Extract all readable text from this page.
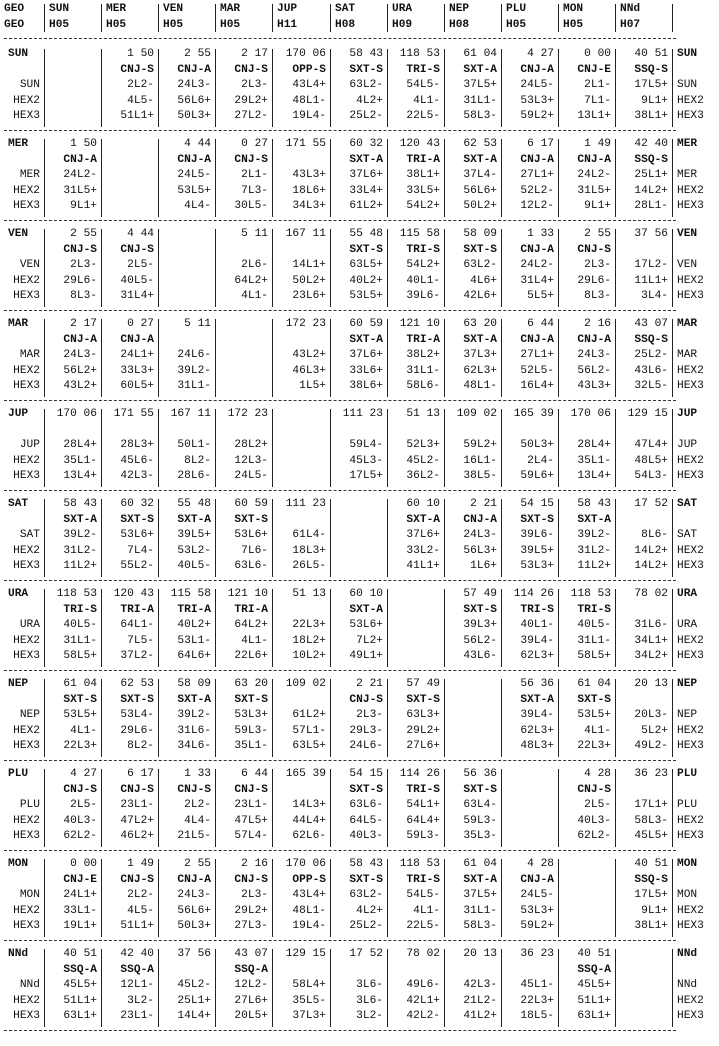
GEO
GEO
SUN
H05
MER
H05
VEN
H05
MAR
H05
JUP
H11
SAT
H08
URA
H09
NEP
H08
PLU
H05
MON
H05
NNd
H07
SUN
SUN
HEX2
HEX3
SUN
SUN
HEX2
HEX3
1 50
CNJ-S
2L2-
4L5-
51L1+
2 55
CNJ-A
24L3-
56L6+
50L3+
2 17
CNJ-S
2L3-
29L2+
27L2-
170 06
OPP-S
43L4+
48L1-
19L4-
58 43
SXT-S
63L2-
4L2+
25L2-
118 53
TRI-S
54L5-
4L1-
22L5-
61 04
SXT-A
37L5+
31L1-
58L3-
4 27
CNJ-A
24L5-
53L3+
59L2+
0 00
CNJ-E
2L1-
7L1-
13L1+
40 51
SSQ-S
17L5+
9L1+
38L1+
MER
MER
HEX2
HEX3
MER
MER
HEX2
HEX3
1 50
CNJ-A
24L2-
31L5+
9L1+
4 44
CNJ-A
24L5-
53L5+
4L4-
0 27
CNJ-S
2L1-
7L3-
30L5-
171 55
43L3+
18L6+
34L3+
60 32
SXT-A
37L6+
33L4+
61L2+
120 43
TRI-A
38L1+
33L5+
54L2+
62 53
SXT-A
37L4-
56L6+
50L2+
6 17
CNJ-A
27L1+
52L2-
12L2-
1 49
CNJ-A
24L2-
31L5+
9L1+
42 40
SSQ-S
25L1+
14L2+
28L1-
VEN
VEN
HEX2
HEX3
VEN
VEN
HEX2
HEX3
2 55
CNJ-S
2L3-
29L6-
8L3-
4 44
CNJ-S
2L5-
40L5-
31L4+
5 11
2L6-
64L2+
4L1-
167 11
14L1+
50L2+
23L6+
55 48
SXT-S
63L5+
40L2+
53L5+
115 58
TRI-S
54L2+
40L1-
39L6-
58 09
SXT-S
63L2-
4L6+
42L6+
1 33
CNJ-A
24L2-
31L4+
5L5+
2 55
CNJ-S
2L3-
29L6-
8L3-
37 56
17L2-
11L1+
3L4-
MAR
MAR
HEX2
HEX3
MAR
MAR
HEX2
HEX3
2 17
CNJ-A
24L3-
56L2+
43L2+
0 27
CNJ-A
24L1+
33L3+
60L5+
5 11
24L6-
39L2-
31L1-
172 23
43L2+
46L3+
1L5+
60 59
SXT-A
37L6+
33L6+
38L6+
121 10
TRI-A
38L2+
31L1-
58L6-
63 20
SXT-A
37L3+
62L3+
48L1-
6 44
CNJ-A
27L1+
52L5-
16L4+
2 16
CNJ-A
24L3-
56L2-
43L3+
43 07
SSQ-S
25L2-
43L6-
32L5-
JUP
JUP
HEX2
HEX3
JUP
JUP
HEX2
HEX3
170 06
28L4+
35L1-
13L4+
171 55
28L3+
45L6-
42L3-
167 11
50L1-
8L2-
28L6-
172 23
28L2+
12L3-
24L5-
111 23
59L4-
45L3-
17L5+
51 13
52L3+
45L2-
36L2-
109 02
59L2+
16L1-
38L5-
165 39
50L3+
2L4-
59L6+
170 06
28L4+
35L1-
13L4+
129 15
47L4+
48L5+
54L3-
SAT
SAT
HEX2
HEX3
SAT
SAT
HEX2
HEX3
58 43
SXT-A
39L2-
31L2-
11L2+
60 32
SXT-S
53L6+
7L4-
55L2-
55 48
SXT-A
39L5+
53L2-
40L5-
60 59
SXT-S
53L6+
7L6-
63L6-
111 23
61L4-
18L3+
26L5-
60 10
SXT-A
37L6+
33L2-
41L1+
2 21
CNJ-A
24L3-
56L3+
1L6+
54 15
SXT-S
39L6-
39L5+
53L3+
58 43
SXT-A
39L2-
31L2-
11L2+
17 52
8L6-
14L2+
14L2+
URA
URA
HEX2
HEX3
URA
URA
HEX2
HEX3
118 53
TRI-S
40L5-
31L1-
58L5+
120 43
TRI-A
64L1-
7L5-
37L2-
115 58
TRI-A
40L2+
53L1-
64L6+
121 10
TRI-A
64L2+
4L1-
22L6+
51 13
22L3+
18L2+
10L2+
60 10
SXT-A
53L6+
7L2+
49L1+
57 49
SXT-S
39L3+
56L2-
43L6-
114 26
TRI-S
40L1-
39L4-
62L3+
118 53
TRI-S
40L5-
31L1-
58L5+
78 02
31L6-
34L1+
34L2+
NEP
NEP
HEX2
HEX3
NEP
NEP
HEX2
HEX3
61 04
SXT-S
53L5+
4L1-
22L3+
62 53
SXT-S
53L4-
29L6-
8L2-
58 09
SXT-A
39L2-
31L6-
34L6-
63 20
SXT-S
53L3+
59L3-
35L1-
109 02
61L2+
57L1-
63L5+
2 21
CNJ-S
2L3-
29L3-
24L6-
57 49
SXT-S
63L3+
29L2+
27L6+
56 36
SXT-A
39L4-
62L3+
48L3+
61 04
SXT-S
53L5+
4L1-
22L3+
20 13
20L3-
5L2+
49L2-
PLU
PLU
HEX2
HEX3
PLU
PLU
HEX2
HEX3
4 27
CNJ-S
2L5-
40L3-
62L2-
6 17
CNJ-S
23L1-
47L2+
46L2+
1 33
CNJ-S
2L2-
4L4-
21L5-
6 44
CNJ-S
23L1-
47L5+
57L4-
165 39
14L3+
44L4+
62L6-
54 15
SXT-S
63L6-
64L5-
40L3-
114 26
TRI-S
54L1+
64L4+
59L3-
56 36
SXT-S
63L4-
59L3-
35L3-
4 28
CNJ-S
2L5-
40L3-
62L2-
36 23
17L1+
58L3-
45L5+
MON
MON
HEX2
HEX3
MON
MON
HEX2
HEX3
0 00
CNJ-E
24L1+
33L1-
19L1+
1 49
CNJ-S
2L2-
4L5-
51L1+
2 55
CNJ-A
24L3-
56L6+
50L3+
2 16
CNJ-S
2L3-
29L2+
27L3-
170 06
OPP-S
43L4+
48L1-
19L4-
58 43
SXT-S
63L2-
4L2+
25L2-
118 53
TRI-S
54L5-
4L1-
22L5-
61 04
SXT-A
37L5+
31L1-
58L3-
4 28
CNJ-A
24L5-
53L3+
59L2+
40 51
SSQ-S
17L5+
9L1+
38L1+
NNd
NNd
HEX2
HEX3
NNd
NNd
HEX2
HEX3
40 51
SSQ-A
45L5+
51L1+
63L1+
42 40
SSQ-A
12L1-
3L2-
23L1-
37 56
45L2-
25L1+
14L4+
43 07
SSQ-A
12L2-
27L6+
20L5+
129 15
58L4+
35L5-
37L3+
17 52
3L6-
3L6-
3L2-
78 02
49L6-
42L1+
42L2-
20 13
42L3-
21L2-
41L2+
36 23
45L1-
22L3+
18L5-
40 51
SSQ-A
45L5+
51L1+
63L1+
